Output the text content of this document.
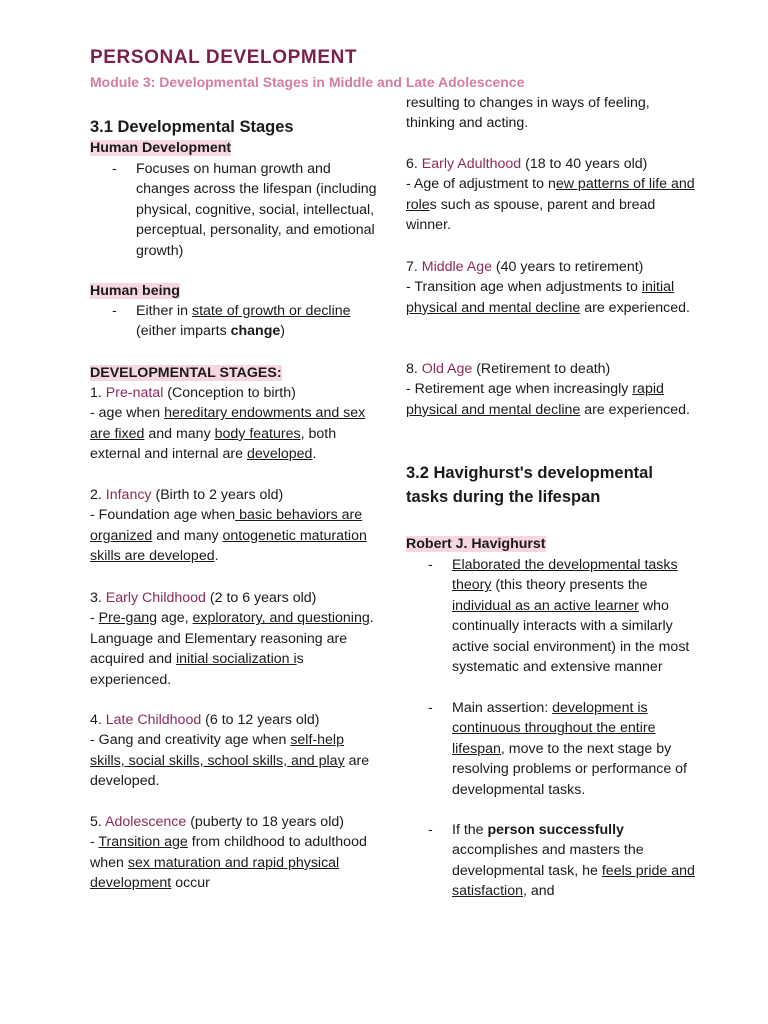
PERSONAL DEVELOPMENT
Module 3: Developmental Stages in Middle and Late Adolescence
3.1 Developmental Stages
Human Development
- Focuses on human growth and changes across the lifespan (including physical, cognitive, social, intellectual, perceptual, personality, and emotional growth)
Human being
- Either in state of growth or decline (either imparts change)
DEVELOPMENTAL STAGES:
1. Pre-natal (Conception to birth)
- age when hereditary endowments and sex are fixed and many body features, both external and internal are developed.
2. Infancy (Birth to 2 years old)
- Foundation age when basic behaviors are organized and many ontogenetic maturation skills are developed.
3. Early Childhood (2 to 6 years old)
- Pre-gang age, exploratory, and questioning. Language and Elementary reasoning are acquired and initial socialization is experienced.
4. Late Childhood (6 to 12 years old)
- Gang and creativity age when self-help skills, social skills, school skills, and play are developed.
5. Adolescence (puberty to 18 years old)
- Transition age from childhood to adulthood when sex maturation and rapid physical development occur
resulting to changes in ways of feeling, thinking and acting.
6. Early Adulthood (18 to 40 years old)
- Age of adjustment to new patterns of life and roles such as spouse, parent and bread winner.
7. Middle Age (40 years to retirement)
- Transition age when adjustments to initial physical and mental decline are experienced.
8. Old Age (Retirement to death)
- Retirement age when increasingly rapid physical and mental decline are experienced.
3.2 Havighurst's developmental tasks during the lifespan
Robert J. Havighurst
- Elaborated the developmental tasks theory (this theory presents the individual as an active learner who continually interacts with a similarly active social environment) in the most systematic and extensive manner
- Main assertion: development is continuous throughout the entire lifespan, move to the next stage by resolving problems or performance of developmental tasks.
- If the person successfully accomplishes and masters the developmental task, he feels pride and satisfaction, and
